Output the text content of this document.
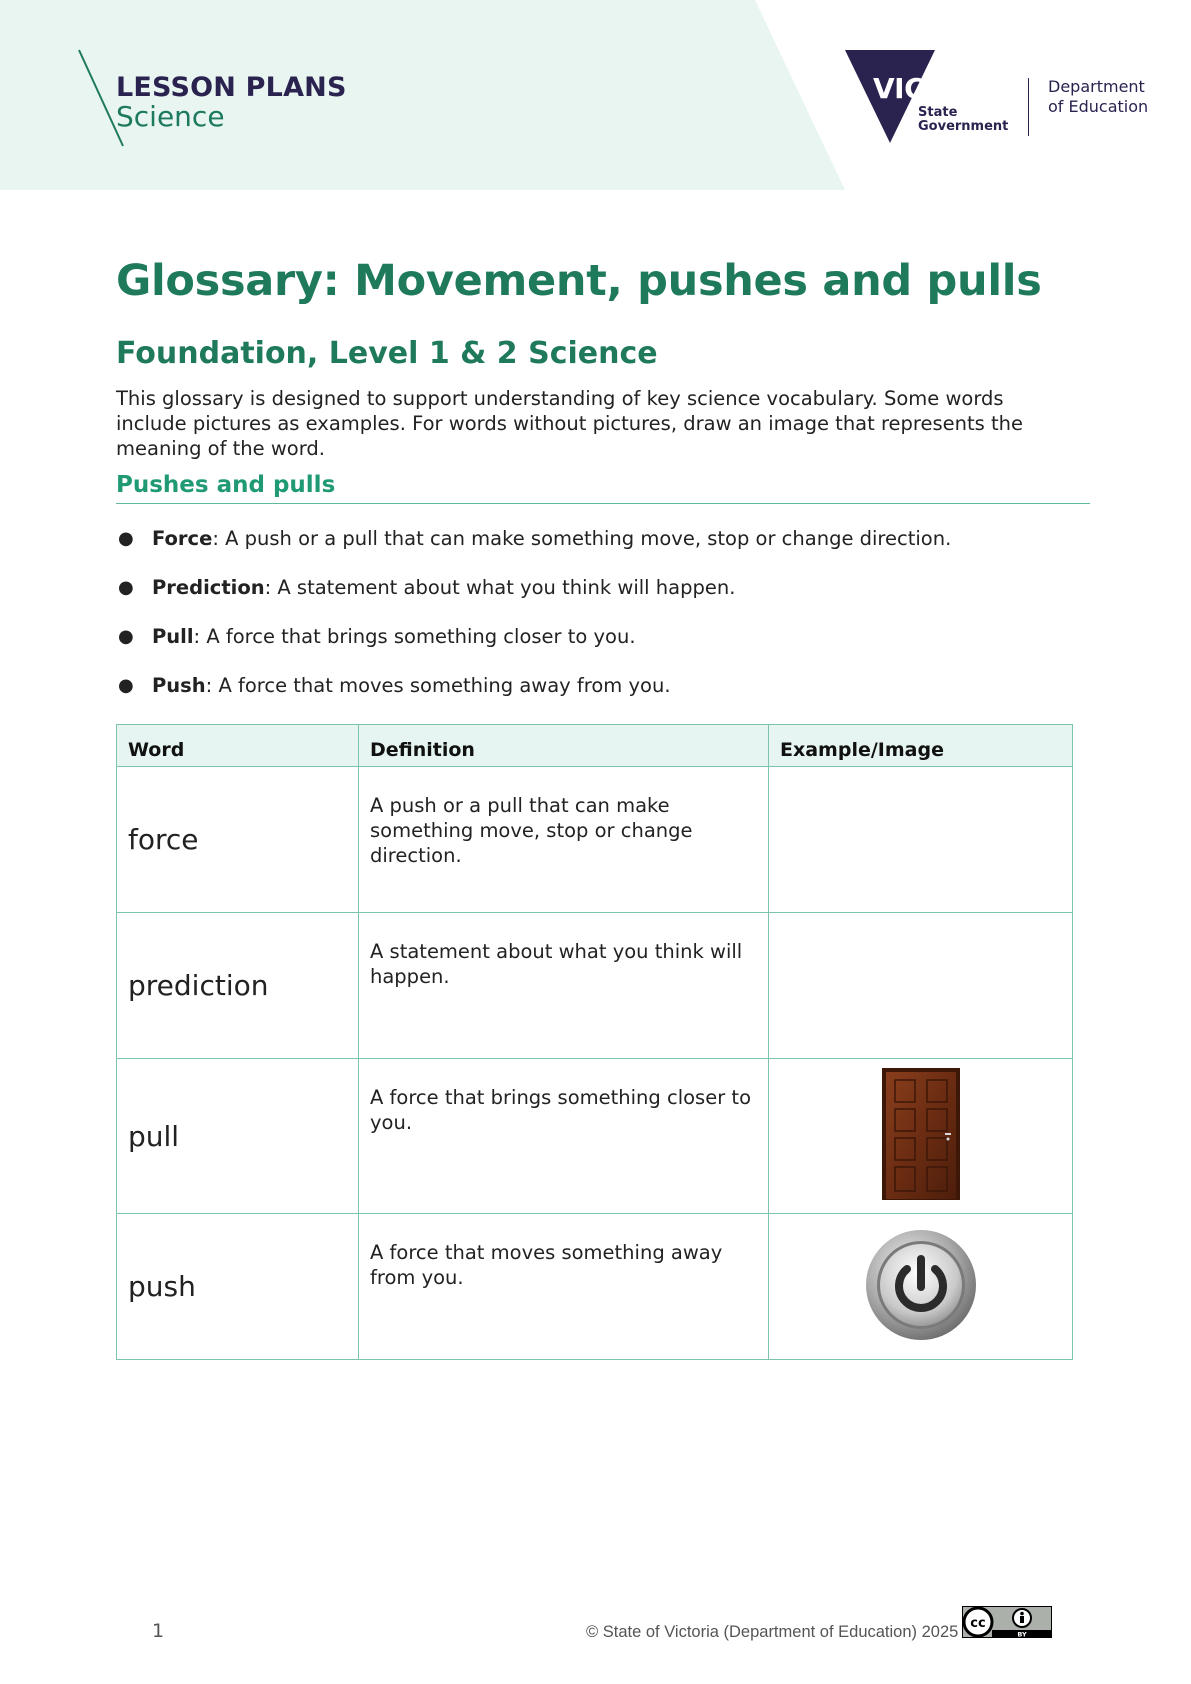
LESSON PLANS
Science
VICTORIA
State
Government
Department
of Education
Glossary: Movement, pushes and pulls
Foundation, Level 1 & 2 Science

This glossary is designed to support understanding of key science vocabulary. Some words include pictures as examples. For words without pictures, draw an image that represents the meaning of the word.

Pushes and pulls
● Force: A push or a pull that can make something move, stop or change direction.
● Prediction: A statement about what you think will happen.
● Pull: A force that brings something closer to you.
● Push: A force that moves something away from you.
Word	Definition	Example/Image
force	A push or a pull that can make something move, stop or change direction.	
prediction	A statement about what you think will happen.	
pull	A force that brings something closer to you.	
push	A force that moves something away from you.	
1	© State of Victoria (Department of Education) 2025 cc
BY
